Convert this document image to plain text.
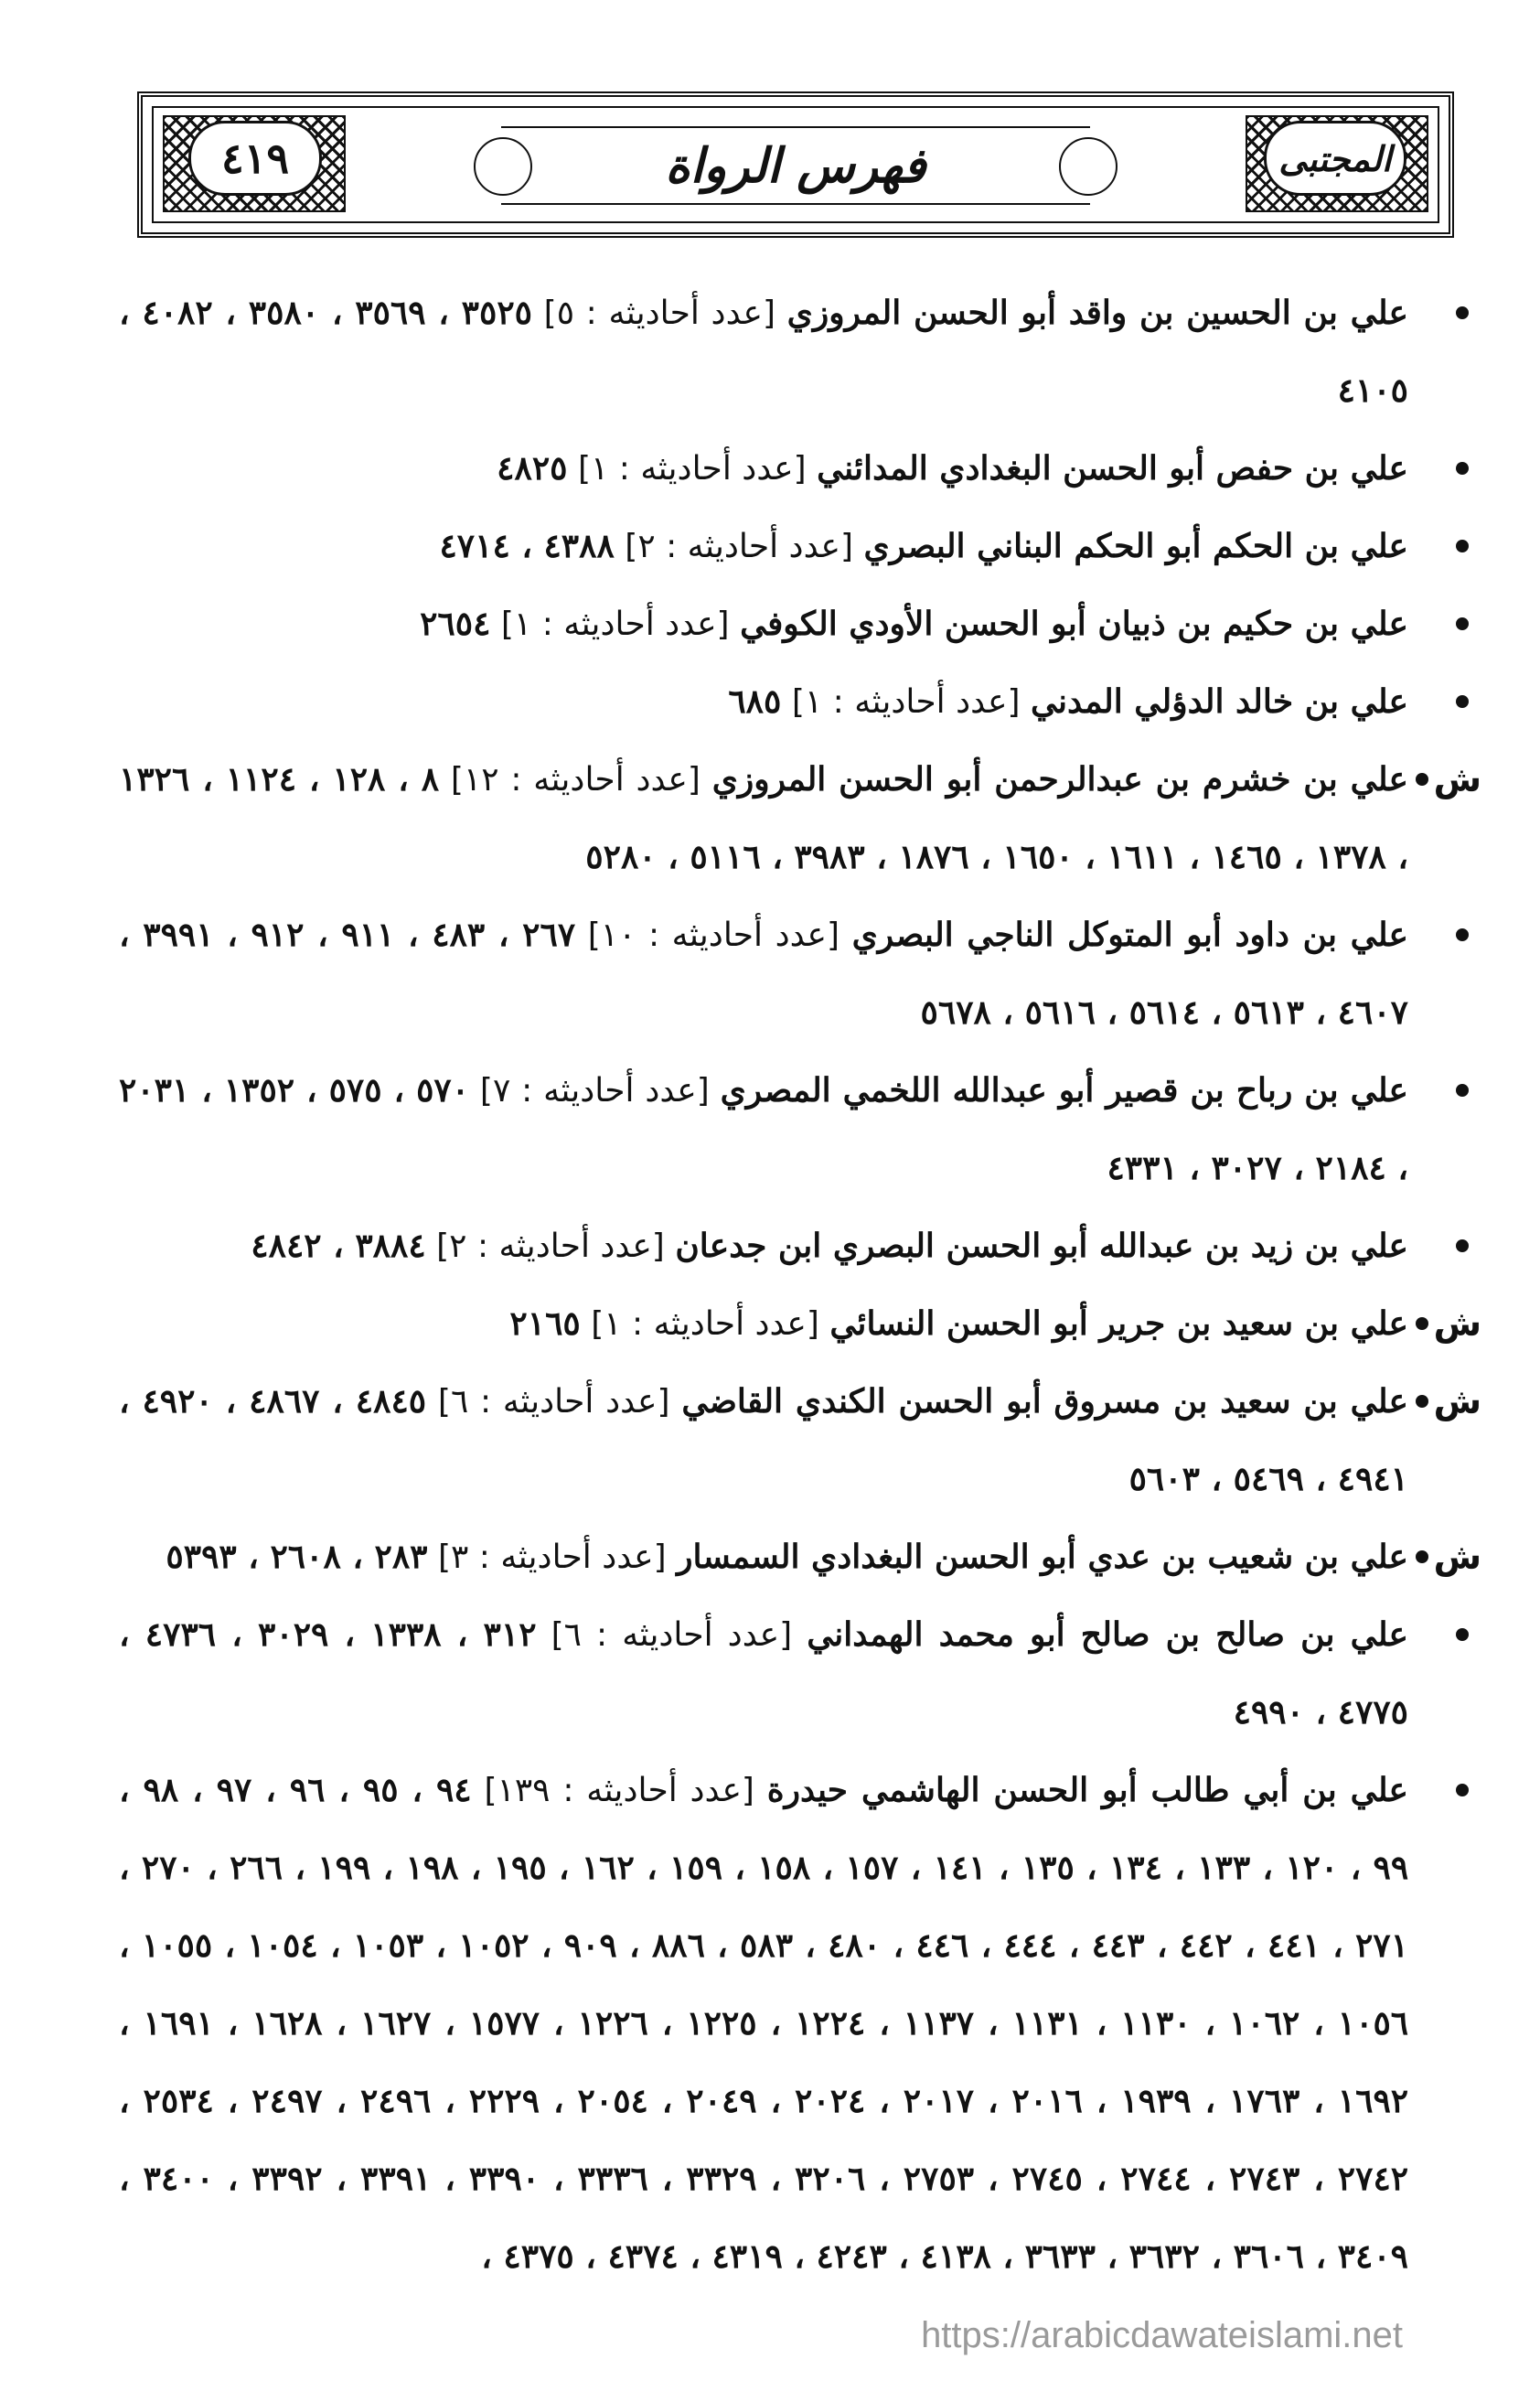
٤١٩	المجتبى
فهرس الرواة
علي بن الحسين بن واقد أبو الحسن المروزي [عدد أحاديثه : ٥] ٣٥٢٥ ، ٣٥٦٩ ، ٣٥٨٠ ، ٤٠٨٢ ، ٤١٠٥
علي بن حفص أبو الحسن البغدادي المدائني [عدد أحاديثه : ١] ٤٨٢٥
علي بن الحكم أبو الحكم البناني البصري [عدد أحاديثه : ٢] ٤٣٨٨ ، ٤٧١٤
علي بن حكيم بن ذبيان أبو الحسن الأودي الكوفي [عدد أحاديثه : ١] ٢٦٥٤
علي بن خالد الدؤلي المدني [عدد أحاديثه : ١] ٦٨٥
ش
علي بن خشرم بن عبدالرحمن أبو الحسن المروزي [عدد أحاديثه : ١٢] ٨ ، ١٢٨ ، ١١٢٤ ، ١٣٢٦ ، ١٣٧٨ ، ١٤٦٥ ، ١٦١١ ، ١٦٥٠ ، ١٨٧٦ ، ٣٩٨٣ ، ٥١١٦ ، ٥٢٨٠
علي بن داود أبو المتوكل الناجي البصري [عدد أحاديثه : ١٠] ٢٦٧ ، ٤٨٣ ، ٩١١ ، ٩١٢ ، ٣٩٩١ ، ٤٦٠٧ ، ٥٦١٣ ، ٥٦١٤ ، ٥٦١٦ ، ٥٦٧٨
علي بن رباح بن قصير أبو عبدالله اللخمي المصري [عدد أحاديثه : ٧] ٥٧٠ ، ٥٧٥ ، ١٣٥٢ ، ٢٠٣١ ، ٢١٨٤ ، ٣٠٢٧ ، ٤٣٣١
علي بن زيد بن عبدالله أبو الحسن البصري ابن جدعان [عدد أحاديثه : ٢] ٣٨٨٤ ، ٤٨٤٢
ش
علي بن سعيد بن جرير أبو الحسن النسائي [عدد أحاديثه : ١] ٢١٦٥
ش
علي بن سعيد بن مسروق أبو الحسن الكندي القاضي [عدد أحاديثه : ٦] ٤٨٤٥ ، ٤٨٦٧ ، ٤٩٢٠ ، ٤٩٤١ ، ٥٤٦٩ ، ٥٦٠٣
ش
علي بن شعيب بن عدي أبو الحسن البغدادي السمسار [عدد أحاديثه : ٣] ٢٨٣ ، ٢٦٠٨ ، ٥٣٩٣
علي بن صالح بن صالح أبو محمد الهمداني [عدد أحاديثه : ٦] ٣١٢ ، ١٣٣٨ ، ٣٠٢٩ ، ٤٧٣٦ ، ٤٧٧٥ ، ٤٩٩٠
علي بن أبي طالب أبو الحسن الهاشمي حيدرة [عدد أحاديثه : ١٣٩] ٩٤ ، ٩٥ ، ٩٦ ، ٩٧ ، ٩٨ ، ٩٩ ، ١٢٠ ، ١٣٣ ، ١٣٤ ، ١٣٥ ، ١٤١ ، ١٥٧ ، ١٥٨ ، ١٥٩ ، ١٦٢ ، ١٩٥ ، ١٩٨ ، ١٩٩ ، ٢٦٦ ، ٢٧٠ ، ٢٧١ ، ٤٤١ ، ٤٤٢ ، ٤٤٣ ، ٤٤٤ ، ٤٤٦ ، ٤٨٠ ، ٥٨٣ ، ٨٨٦ ، ٩٠٩ ، ١٠٥٢ ، ١٠٥٣ ، ١٠٥٤ ، ١٠٥٥ ، ١٠٥٦ ، ١٠٦٢ ، ١١٣٠ ، ١١٣١ ، ١١٣٧ ، ١٢٢٤ ، ١٢٢٥ ، ١٢٢٦ ، ١٥٧٧ ، ١٦٢٧ ، ١٦٢٨ ، ١٦٩١ ، ١٦٩٢ ، ١٧٦٣ ، ١٩٣٩ ، ٢٠١٦ ، ٢٠١٧ ، ٢٠٢٤ ، ٢٠٤٩ ، ٢٠٥٤ ، ٢٢٢٩ ، ٢٤٩٦ ، ٢٤٩٧ ، ٢٥٣٤ ، ٢٧٤٢ ، ٢٧٤٣ ، ٢٧٤٤ ، ٢٧٤٥ ، ٢٧٥٣ ، ٣٢٠٦ ، ٣٣٢٩ ، ٣٣٣٦ ، ٣٣٩٠ ، ٣٣٩١ ، ٣٣٩٢ ، ٣٤٠٠ ، ٣٤٠٩ ، ٣٦٠٦ ، ٣٦٣٢ ، ٣٦٣٣ ، ٤١٣٨ ، ٤٢٤٣ ، ٤٣١٩ ، ٤٣٧٤ ، ٤٣٧٥ ،
https://arabicdawateislami.net
